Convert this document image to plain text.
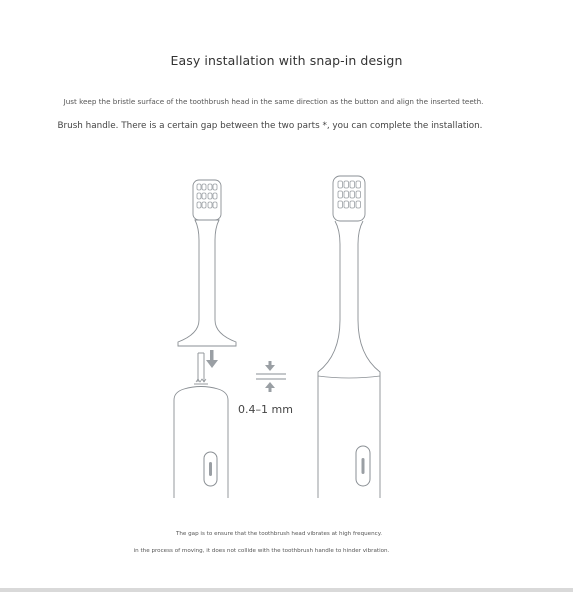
Easy installation with snap-in design
Just keep the bristle surface of the toothbrush head in the same direction as the button and align the inserted teeth.
Brush handle. There is a certain gap between the two parts *, you can complete the installation.
0.4–1 mm
The gap is to ensure that the toothbrush head vibrates at high frequency.
in the process of moving, it does not collide with the toothbrush handle to hinder vibration.
